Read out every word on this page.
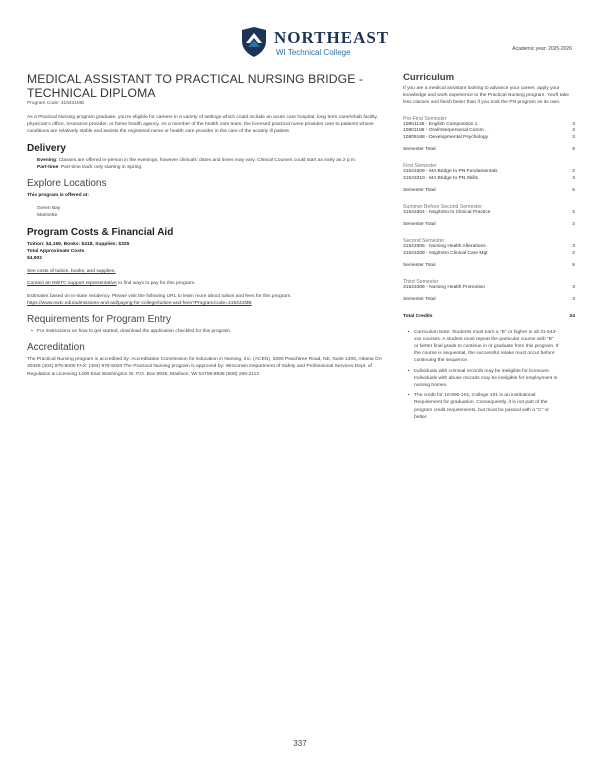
NORTHEAST
WI Technical College	Academic year: 2025-2026
MEDICAL ASSISTANT TO PRACTICAL NURSING BRIDGE - TECHNICAL DIPLOMA
Program Code: 315431MB

As a Practical Nursing program graduate, you're eligible for careers in a variety of settings which could include an acute care hospital, long term care/rehab facility, physician's office, insurance provider, or home health agency. As a member of the health care team, the licensed practical nurse provides care to patients whose conditions are relatively stable and assists the registered nurse or health care provider in the care of the acutely ill patient.

Delivery
Evening: Classes are offered in-person in the evenings, however clinicals' dates and times may vary. Clinical Courses could start as early as 2 p.m.
Part-time: Part-time track only starting in Spring.
Explore Locations
This program is offered at:
Green Bay
Marinette
Program Costs & Financial Aid
Tuition: $4,159, Books: $418, Supplies: $325
Total Approximate Costs
$4,902
See costs of tuition, books, and supplies.
Contact an NWTC support representative to find ways to pay for this program.
Estimates based on in-state residency. Please visit the following URL to learn more about tuition and fees for this program.
https://www.nwtc.edu/admissions-and-aid/paying-for-college/tuition-and-fees?ProgramCode=315431MB
Requirements for Program Entry
• For instructions on how to get started, download the application checklist for this program.
Accreditation

The Practical Nursing program is accredited by: Accreditation Commission for Education in Nursing, Inc. (ACEN), 3390 Peachtree Road, NE, Suite 1400, Atlanta GA 30326 (404) 975-5000 FAX: (404) 975-5020 The Practical Nursing program is approved by: Wisconsin Department of Safety and Professional Services Dept. of Regulation & Licensing 1400 East Washington St. P.O. Box 8935, Madison, WI 53708-8935 (608) 266-2112

Curriculum

If you are a medical assistant looking to advance your career, apply your knowledge and work experience to the Practical Nursing program. You'll take less classes and finish faster than if you took the PN program on its own.

Pre-First Semester
10801136 - English Composition 1	3
10801196 - Oral/Interpersonal Comm	3
10809188 - Developmental Psychology	3
Semester Total	9
First Semester
31543309 - MA Bridge to PN Fundamentals	2
31543310 - MA Bridge to PN Skills	3
Semester Total	5
Summer Before Second Semester
31543304 - Nsg/Intro to Clinical Practice	2
Semester Total	2
Second Semester
31543305 - Nursing Health Alterations	3
31543308 - Nsg/Intro Clinical Care Mgt	2
Semester Total	5
Third Semester
31543306 - Nursing Health Promotion	3
Semester Total	3
Total Credits	24
• Curriculum Note: Students must earn a "B" or higher in all 31-543-xxx courses. A student must repeat the particular course with "B" or better final grade to continue in or graduate from this program. If the course is sequential, the successful retake must occur before continuing the sequence.
• Individuals with criminal records may be ineligible for licensure. Individuals with abuse records may be ineligible for employment in nursing homes.
• The credit for 10-890-101, College 101 is an institutional Requirement for graduation. Consequently, it is not part of the program credit requirements, but must be passed with a "C" or better.
337
